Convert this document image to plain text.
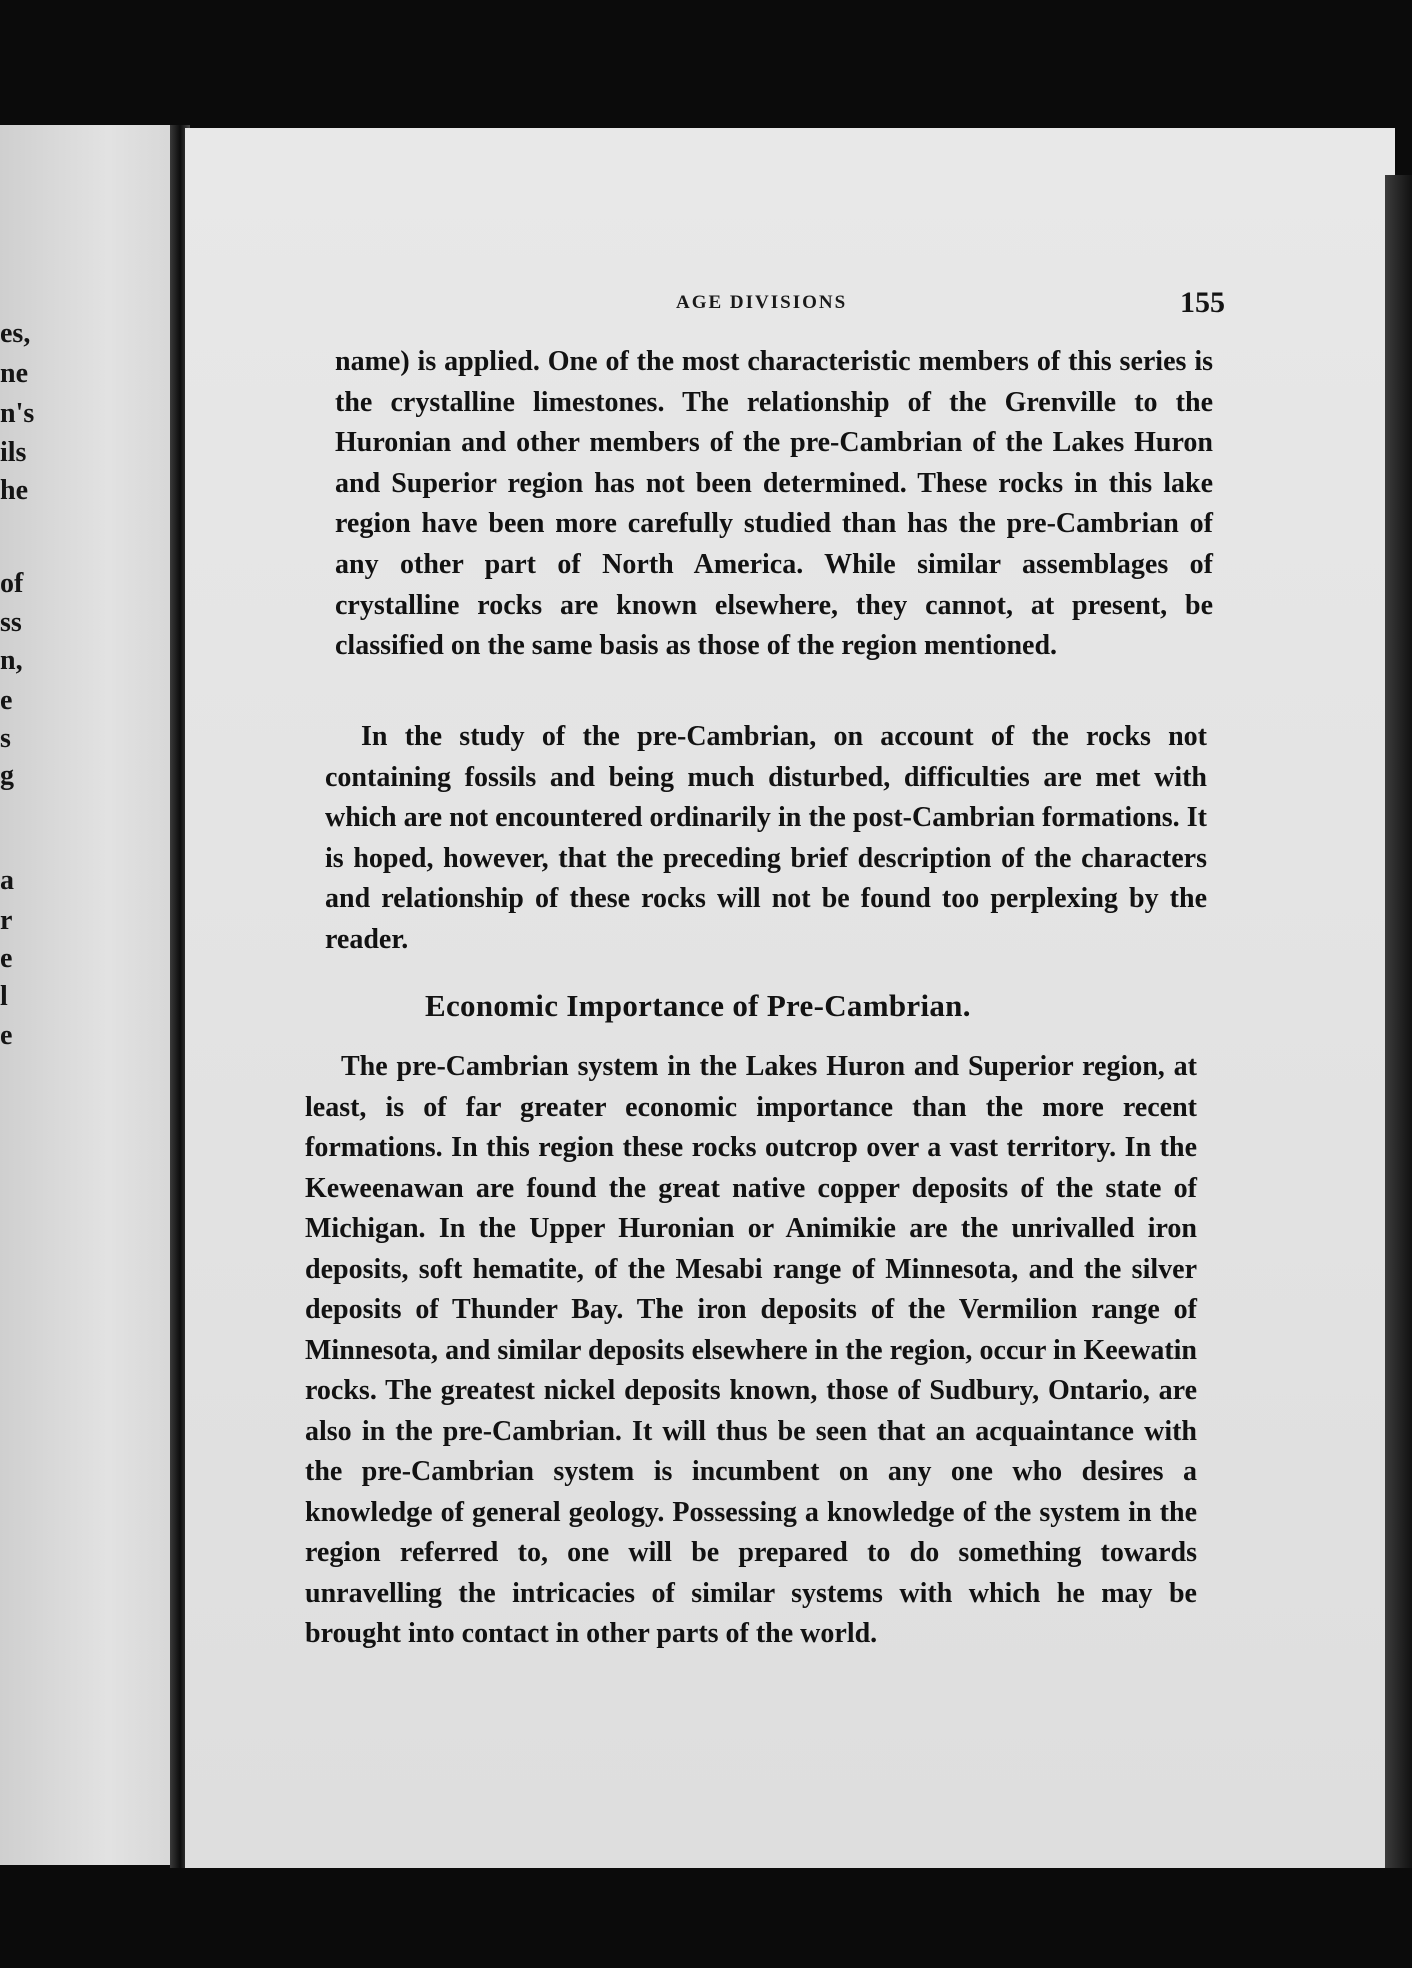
es,
ne
n's
ils
he
of
ss
n,
e
s
g
a
r
e
l
e
AGE DIVISIONS	155

name) is applied. One of the most characteristic members of this series is the crystalline limestones. The relationship of the Grenville to the Huronian and other members of the pre-Cambrian of the Lakes Huron and Superior region has not been determined. These rocks in this lake region have been more carefully studied than has the pre-Cambrian of any other part of North America. While similar assemblages of crystalline rocks are known elsewhere, they cannot, at present, be classified on the same basis as those of the region mentioned.

In the study of the pre-Cambrian, on account of the rocks not containing fossils and being much disturbed, difficulties are met with which are not encountered ordinarily in the post-Cambrian formations. It is hoped, however, that the preceding brief description of the characters and relationship of these rocks will not be found too perplexing by the reader.

Economic Importance of Pre-Cambrian.

The pre-Cambrian system in the Lakes Huron and Superior region, at least, is of far greater economic importance than the more recent formations. In this region these rocks outcrop over a vast territory. In the Keweenawan are found the great native copper deposits of the state of Michigan. In the Upper Huronian or Animikie are the unrivalled iron deposits, soft hematite, of the Mesabi range of Minnesota, and the silver deposits of Thunder Bay. The iron deposits of the Vermilion range of Minnesota, and similar deposits elsewhere in the region, occur in Keewatin rocks. The greatest nickel deposits known, those of Sudbury, Ontario, are also in the pre-Cambrian. It will thus be seen that an acquaintance with the pre-Cambrian system is incumbent on any one who desires a knowledge of general geology. Possessing a knowledge of the system in the region referred to, one will be prepared to do something towards unravelling the intricacies of similar systems with which he may be brought into contact in other parts of the world.
